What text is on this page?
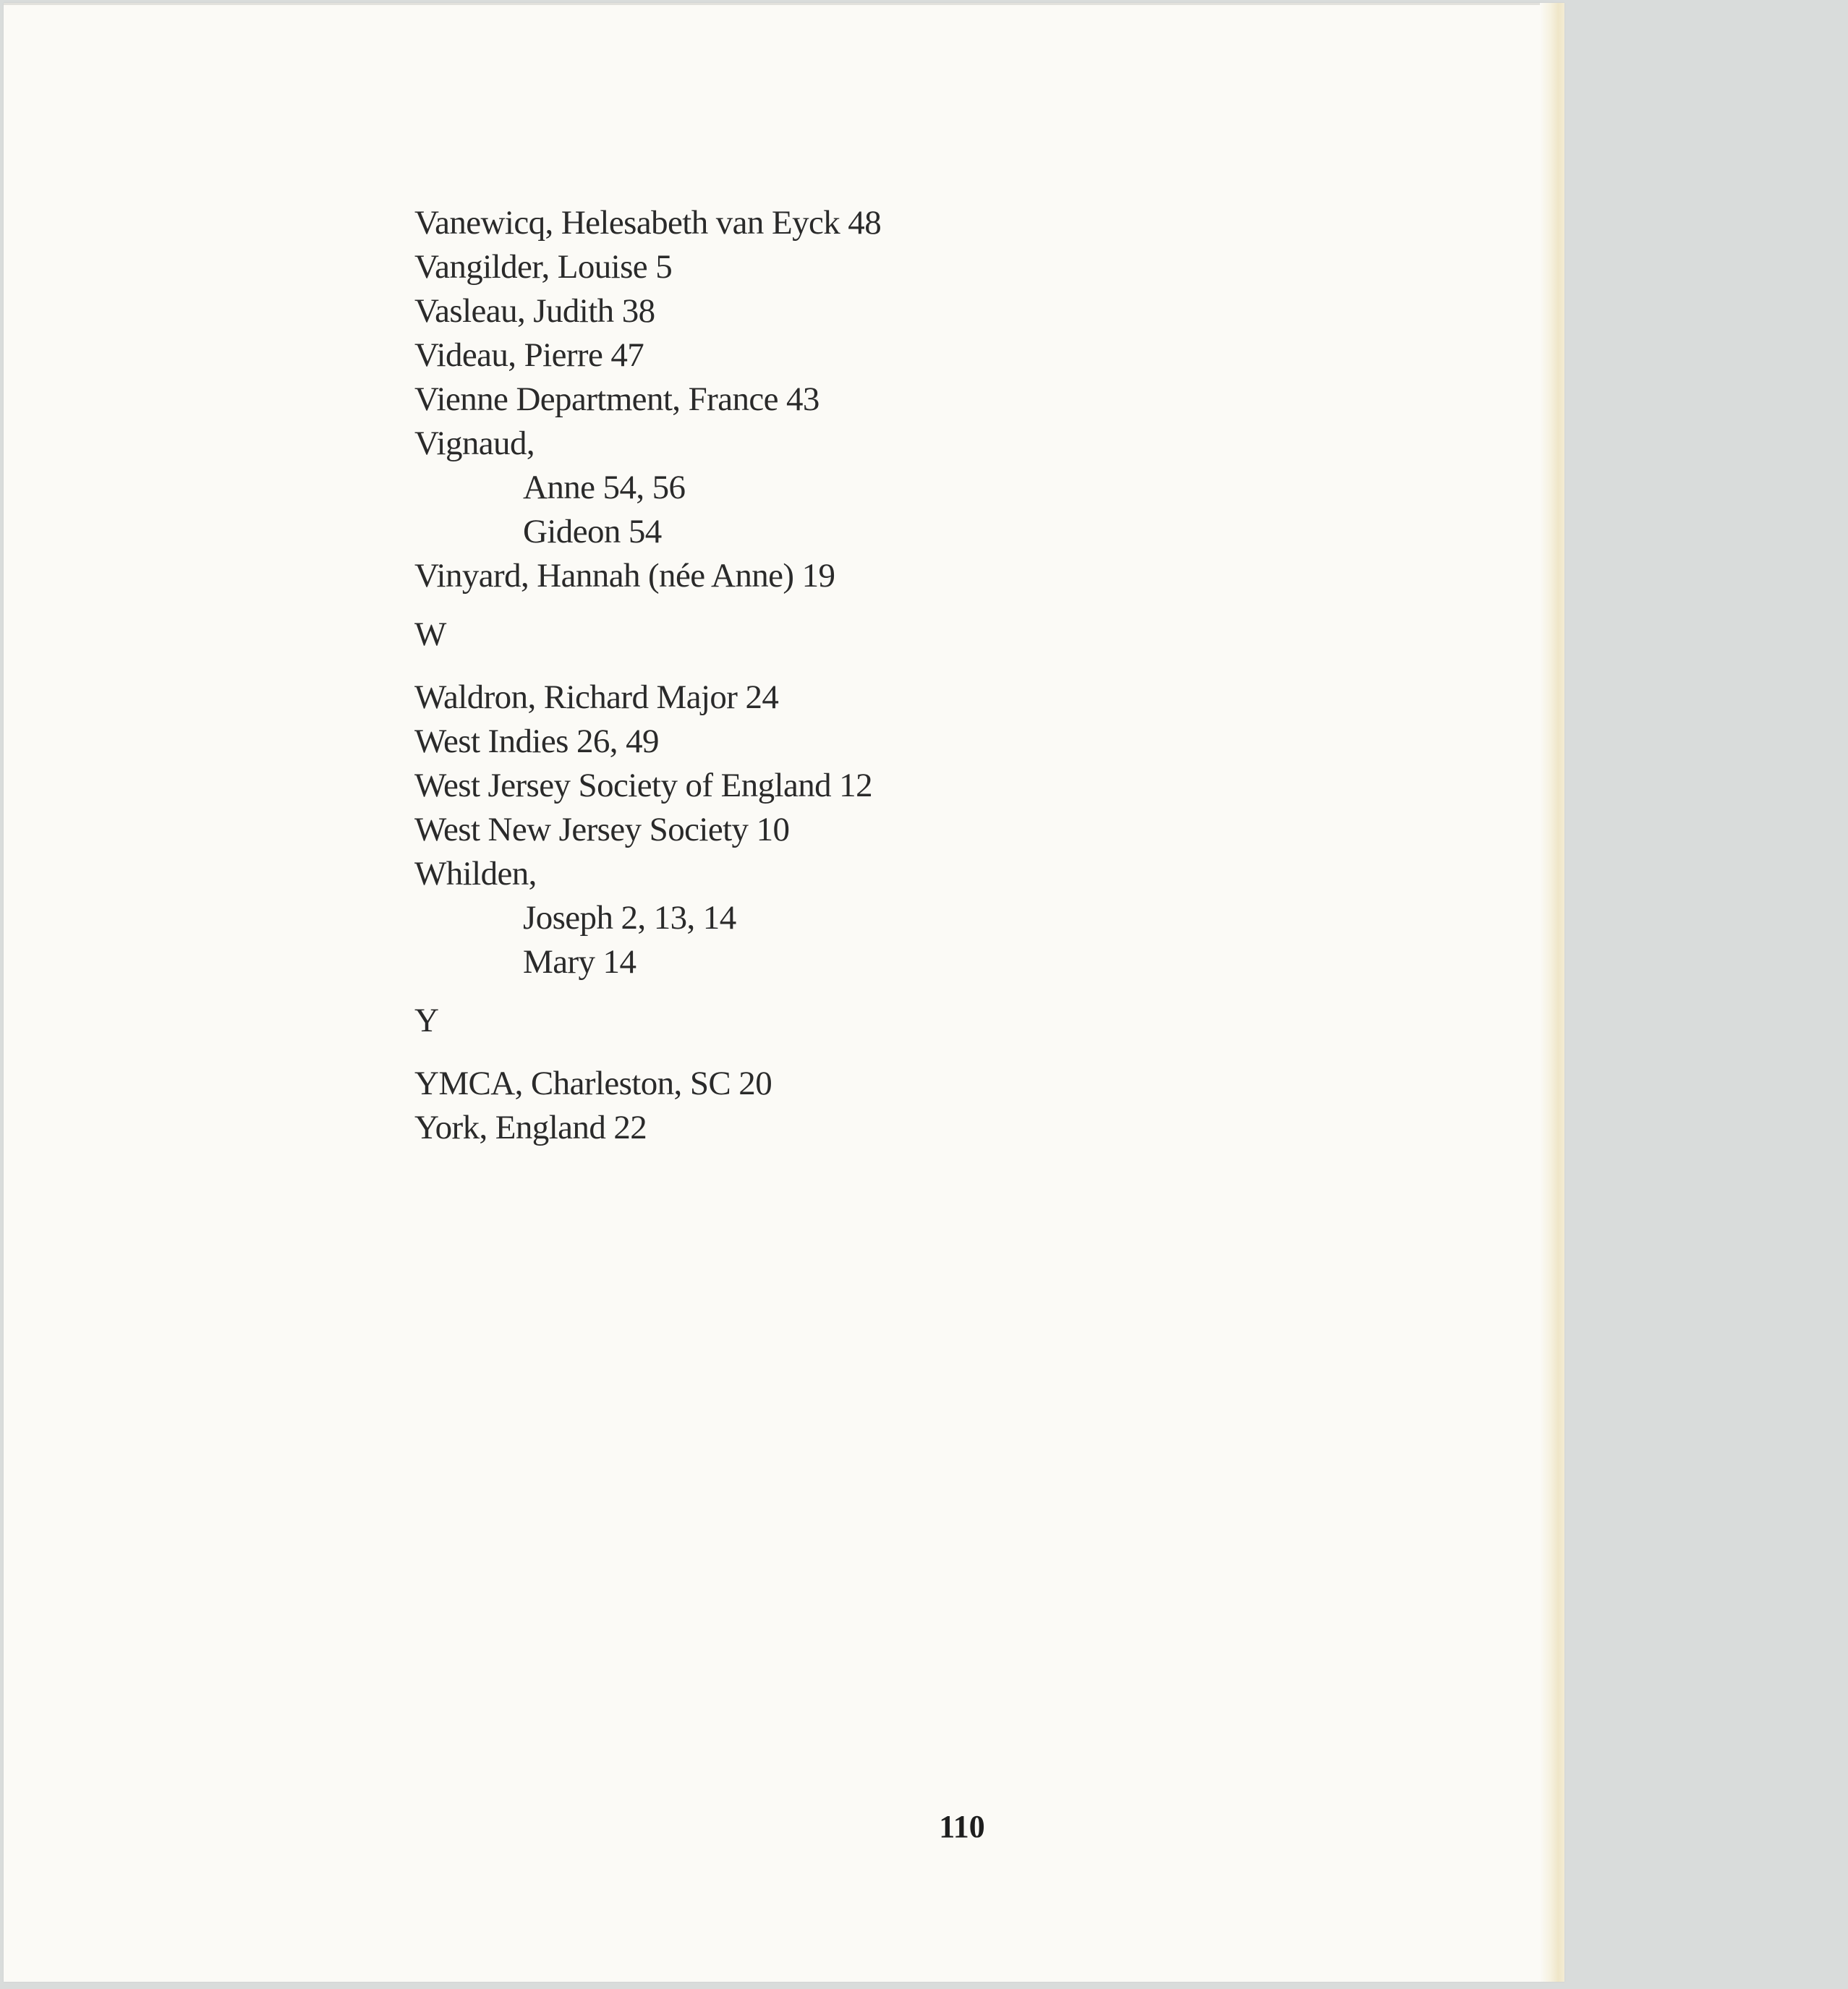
Vanewicq, Helesabeth van Eyck 48
Vangilder, Louise 5
Vasleau, Judith 38
Videau, Pierre 47
Vienne Department, France 43
Vignaud,
Anne 54, 56
Gideon 54
Vinyard, Hannah (née Anne) 19
W
Waldron, Richard Major 24
West Indies 26, 49
West Jersey Society of England 12
West New Jersey Society 10
Whilden,
Joseph 2, 13, 14
Mary 14
Y
YMCA, Charleston, SC 20
York, England 22
110
